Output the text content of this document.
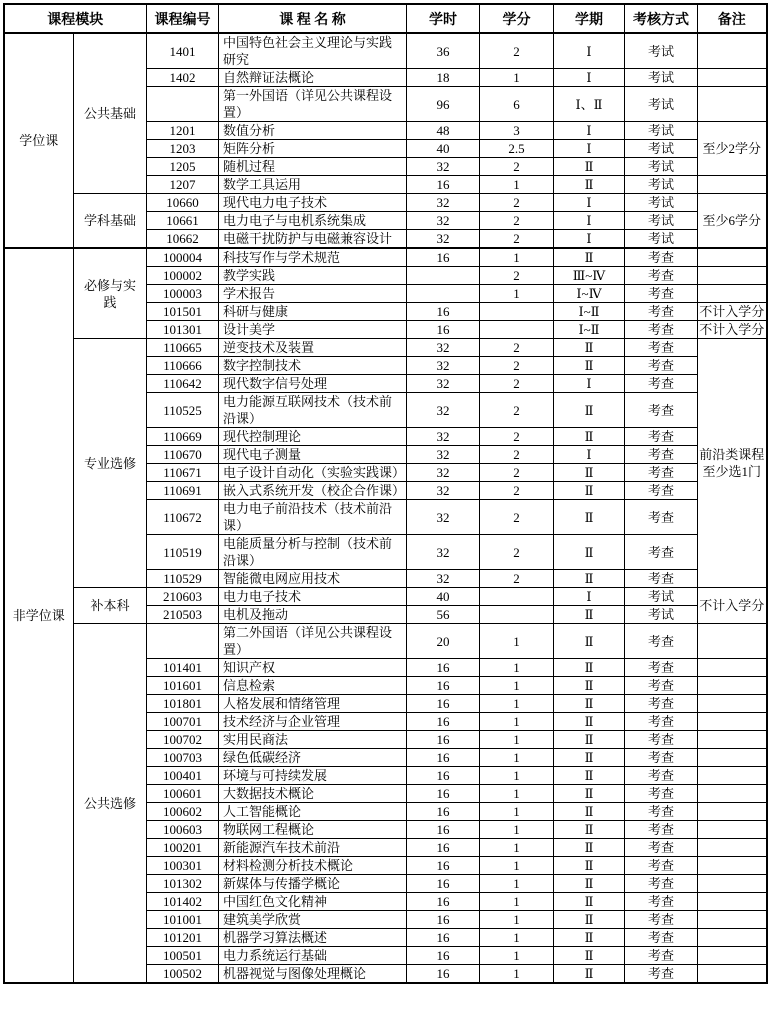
课程模块		课程编号	课 程 名 称	学时	学分	学期	考核方式	备注
学位课	公共基础	1401	中国特色社会主义理论与实践研究	36	2	Ⅰ	考试	
		1402	自然辩证法概论	18	1	Ⅰ	考试	
			第一外国语（详见公共课程设置）	96	6	Ⅰ、Ⅱ	考试	
		1201	数值分析	48	3	Ⅰ	考试	至少2学分
		1203	矩阵分析	40	2.5	Ⅰ	考试	
		1205	随机过程	32	2	Ⅱ	考试	
		1207	数学工具运用	16	1	Ⅱ	考试	
	学科基础	10660	现代电力电子技术	32	2	Ⅰ	考试	至少6学分
		10661	电力电子与电机系统集成	32	2	Ⅰ	考试	
		10662	电磁干扰防护与电磁兼容设计	32	2	Ⅰ	考试	
非学位课	必修与实践	100004	科技写作与学术规范	16	1	Ⅱ	考查	
		100002	教学实践		2	Ⅲ~Ⅳ	考查	
		100003	学术报告		1	Ⅰ~Ⅳ	考查	
		101501	科研与健康	16		Ⅰ~Ⅱ	考查	不计入学分
		101301	设计美学	16		Ⅰ~Ⅱ	考查	不计入学分
	专业选修	110665	逆变技术及装置	32	2	Ⅱ	考查	前沿类课程至少选1门
		110666	数字控制技术	32	2	Ⅱ	考查	
		110642	现代数字信号处理	32	2	Ⅰ	考查	
		110525	电力能源互联网技术（技术前沿课）	32	2	Ⅱ	考查	
		110669	现代控制理论	32	2	Ⅱ	考查	
		110670	现代电子测量	32	2	Ⅰ	考查	
		110671	电子设计自动化（实验实践课）	32	2	Ⅱ	考查	
		110691	嵌入式系统开发（校企合作课）	32	2	Ⅱ	考查	
		110672	电力电子前沿技术（技术前沿课）	32	2	Ⅱ	考查	
		110519	电能质量分析与控制（技术前沿课）	32	2	Ⅱ	考查	
		110529	智能微电网应用技术	32	2	Ⅱ	考查	
	补本科	210603	电力电子技术	40		Ⅰ	考试	不计入学分
		210503	电机及拖动	56		Ⅱ	考试	
	公共选修		第二外国语（详见公共课程设置）	20	1	Ⅱ	考查	
		101401	知识产权	16	1	Ⅱ	考查	
		101601	信息检索	16	1	Ⅱ	考查	
		101801	人格发展和情绪管理	16	1	Ⅱ	考查	
		100701	技术经济与企业管理	16	1	Ⅱ	考查	
		100702	实用民商法	16	1	Ⅱ	考查	
		100703	绿色低碳经济	16	1	Ⅱ	考查	
		100401	环境与可持续发展	16	1	Ⅱ	考查	
		100601	大数据技术概论	16	1	Ⅱ	考查	
		100602	人工智能概论	16	1	Ⅱ	考查	
		100603	物联网工程概论	16	1	Ⅱ	考查	
		100201	新能源汽车技术前沿	16	1	Ⅱ	考查	
		100301	材料检测分析技术概论	16	1	Ⅱ	考查	
		101302	新媒体与传播学概论	16	1	Ⅱ	考查	
		101402	中国红色文化精神	16	1	Ⅱ	考查	
		101001	建筑美学欣赏	16	1	Ⅱ	考查	
		101201	机器学习算法概述	16	1	Ⅱ	考查	
		100501	电力系统运行基础	16	1	Ⅱ	考查	
		100502	机器视觉与图像处理概论	16	1	Ⅱ	考查	
